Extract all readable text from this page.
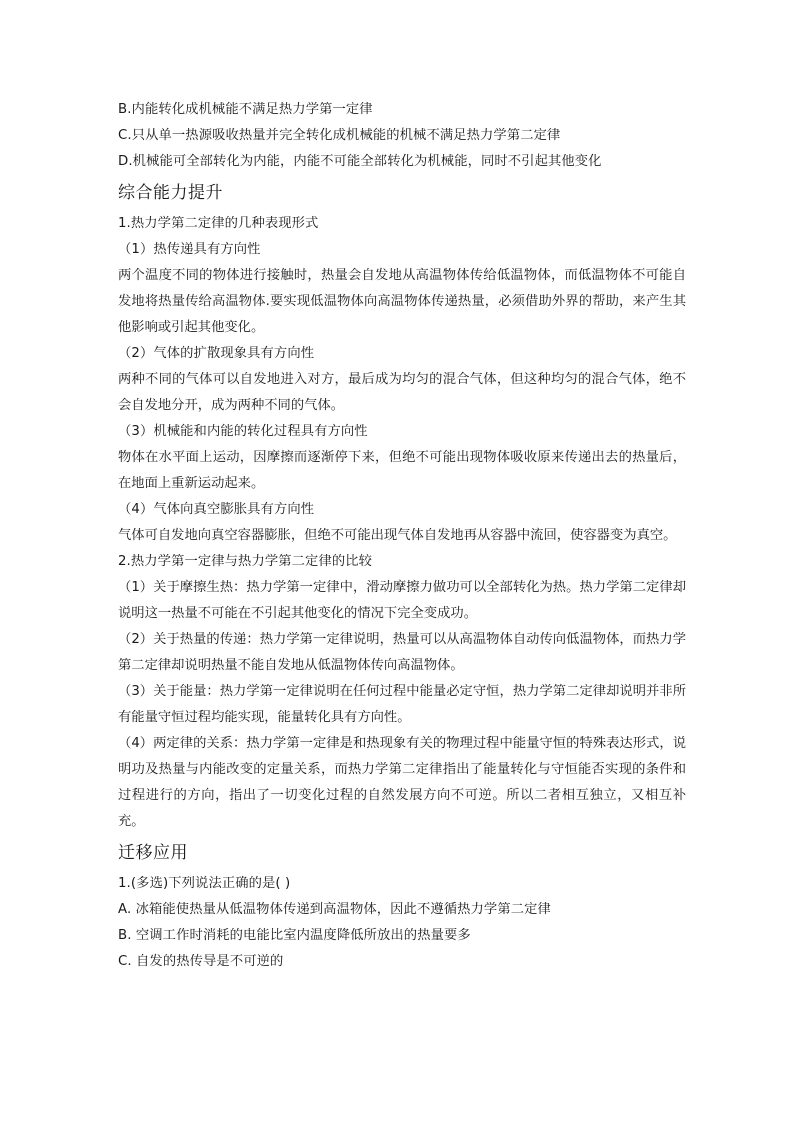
B.内能转化成机械能不满足热力学第一定律
C.只从单一热源吸收热量并完全转化成机械能的机械不满足热力学第二定律
D.机械能可全部转化为内能，内能不可能全部转化为机械能，同时不引起其他变化
综合能力提升
1.热力学第二定律的几种表现形式
（1）热传递具有方向性
两个温度不同的物体进行接触时，热量会自发地从高温物体传给低温物体，而低温物体不可能自发地将热量传给高温物体.要实现低温物体向高温物体传递热量，必须借助外界的帮助，来产生其他影响或引起其他变化。
（2）气体的扩散现象具有方向性
两种不同的气体可以自发地进入对方，最后成为均匀的混合气体，但这种均匀的混合气体，绝不会自发地分开，成为两种不同的气体。
（3）机械能和内能的转化过程具有方向性
物体在水平面上运动，因摩擦而逐渐停下来，但绝不可能出现物体吸收原来传递出去的热量后，在地面上重新运动起来。
（4）气体向真空膨胀具有方向性
气体可自发地向真空容器膨胀，但绝不可能出现气体自发地再从容器中流回，使容器变为真空。
2.热力学第一定律与热力学第二定律的比较
（1）关于摩擦生热：热力学第一定律中，滑动摩擦力做功可以全部转化为热。热力学第二定律却说明这一热量不可能在不引起其他变化的情况下完全变成功。
（2）关于热量的传递：热力学第一定律说明，热量可以从高温物体自动传向低温物体，而热力学第二定律却说明热量不能自发地从低温物体传向高温物体。
（3）关于能量：热力学第一定律说明在任何过程中能量必定守恒，热力学第二定律却说明并非所有能量守恒过程均能实现，能量转化具有方向性。
（4）两定律的关系：热力学第一定律是和热现象有关的物理过程中能量守恒的特殊表达形式，说明功及热量与内能改变的定量关系，而热力学第二定律指出了能量转化与守恒能否实现的条件和过程进行的方向，指出了一切变化过程的自然发展方向不可逆。所以二者相互独立，又相互补充。
迁移应用
1.(多选)下列说法正确的是( )
A. 冰箱能使热量从低温物体传递到高温物体，因此不遵循热力学第二定律
B. 空调工作时消耗的电能比室内温度降低所放出的热量要多
C. 自发的热传导是不可逆的
